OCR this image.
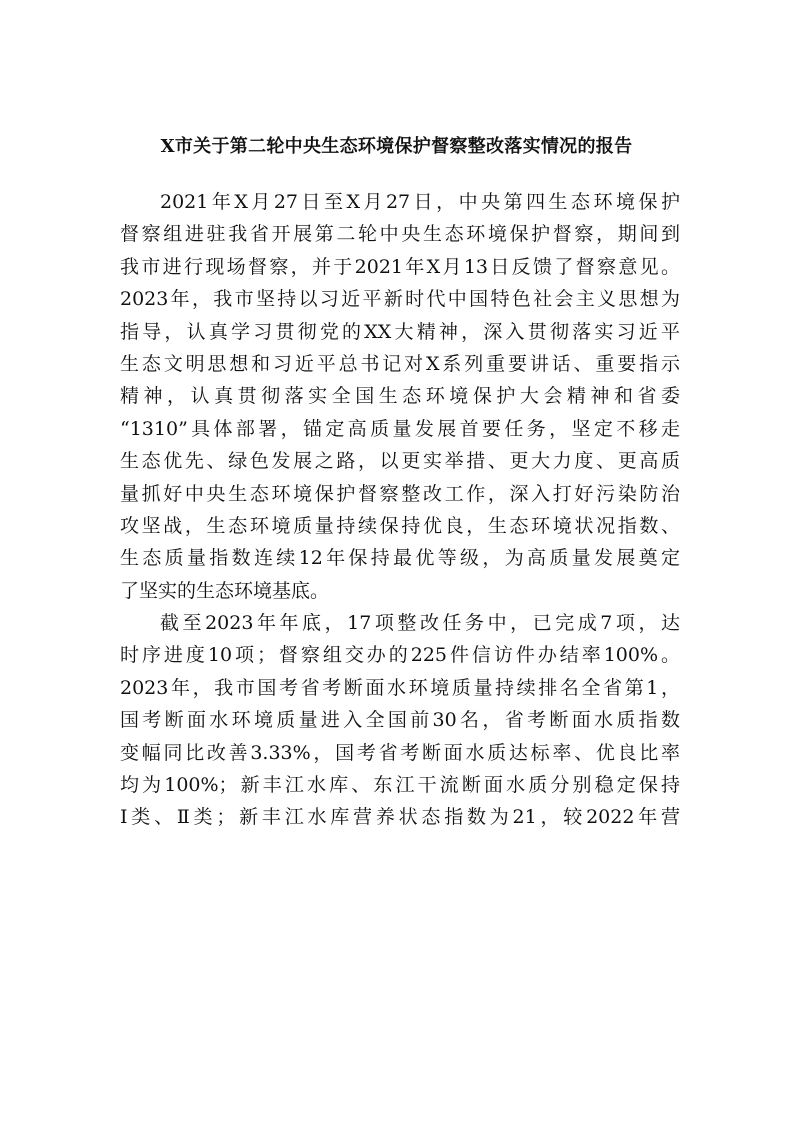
X市关于第二轮中央生态环境保护督察整改落实情况的报告
2021年X月27日至X月27日，中央第四生态环境保护
督察组进驻我省开展第二轮中央生态环境保护督察，期间到
我市进行现场督察，并于2021年X月13日反馈了督察意见。
2023年，我市坚持以习近平新时代中国特色社会主义思想为
指导，认真学习贯彻党的XX大精神，深入贯彻落实习近平
生态文明思想和习近平总书记对X系列重要讲话、重要指示
精神，认真贯彻落实全国生态环境保护大会精神和省委
“1310”具体部署，锚定高质量发展首要任务，坚定不移走
生态优先、绿色发展之路，以更实举措、更大力度、更高质
量抓好中央生态环境保护督察整改工作，深入打好污染防治
攻坚战，生态环境质量持续保持优良，生态环境状况指数、
生态质量指数连续12年保持最优等级，为高质量发展奠定
了坚实的生态环境基底。
截至2023年年底，17项整改任务中，已完成7项，达
时序进度10项；督察组交办的225件信访件办结率100%。
2023年，我市国考省考断面水环境质量持续排名全省第1，
国考断面水环境质量进入全国前30名，省考断面水质指数
变幅同比改善3.33%，国考省考断面水质达标率、优良比率
均为100%；新丰江水库、东江干流断面水质分别稳定保持
Ⅰ类、Ⅱ类；新丰江水库营养状态指数为21，较2022年营
